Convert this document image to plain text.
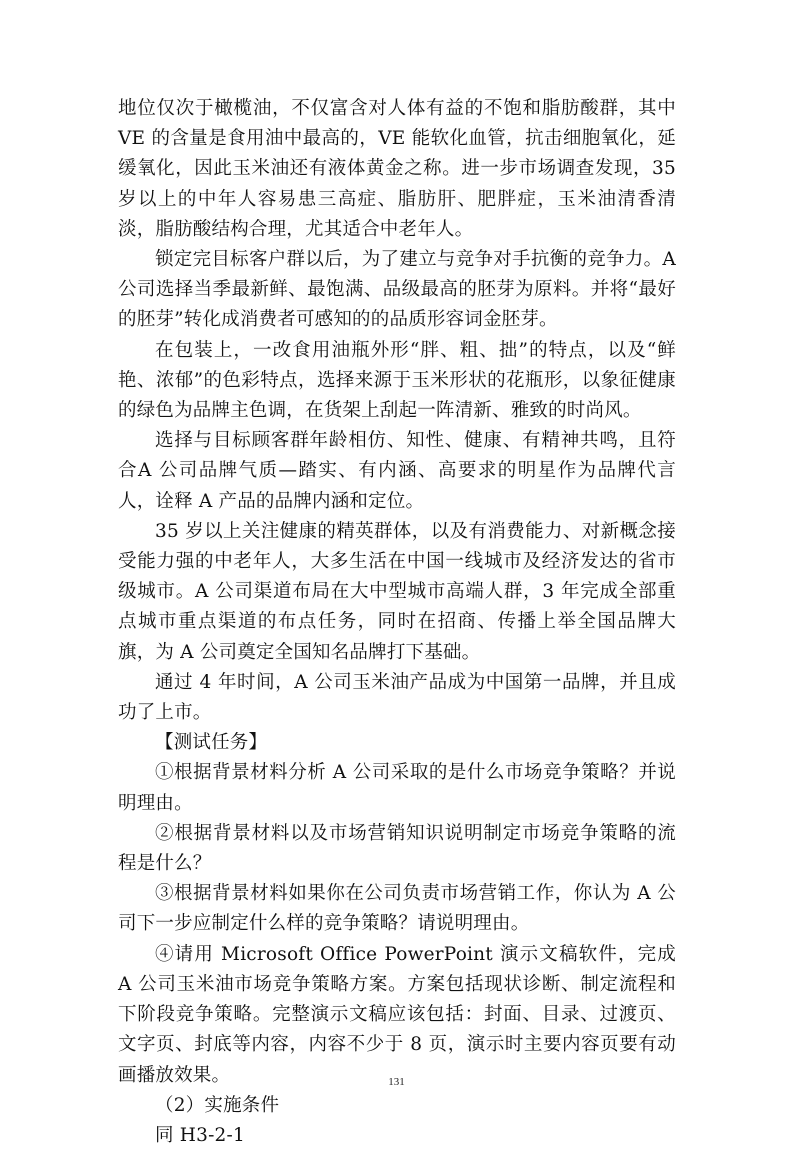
地位仅次于橄榄油，不仅富含对人体有益的不饱和脂肪酸群，其中VE 的含量是食用油中最高的，VE 能软化血管，抗击细胞氧化，延缓氧化，因此玉米油还有液体黄金之称。进一步市场调查发现，35 岁以上的中年人容易患三高症、脂肪肝、肥胖症，玉米油清香清淡，脂肪酸结构合理，尤其适合中老年人。

锁定完目标客户群以后，为了建立与竞争对手抗衡的竞争力。A 公司选择当季最新鲜、最饱满、品级最高的胚芽为原料。并将“最好的胚芽”转化成消费者可感知的的品质形容词金胚芽。

在包装上，一改食用油瓶外形“胖、粗、拙”的特点，以及“鲜艳、浓郁”的色彩特点，选择来源于玉米形状的花瓶形，以象征健康的绿色为品牌主色调，在货架上刮起一阵清新、雅致的时尚风。

选择与目标顾客群年龄相仿、知性、健康、有精神共鸣，且符合A 公司品牌气质—踏实、有内涵、高要求的明星作为品牌代言人，诠释 A 产品的品牌内涵和定位。

35 岁以上关注健康的精英群体，以及有消费能力、对新概念接受能力强的中老年人，大多生活在中国一线城市及经济发达的省市级城市。A 公司渠道布局在大中型城市高端人群，3 年完成全部重点城市重点渠道的布点任务，同时在招商、传播上举全国品牌大旗，为 A 公司奠定全国知名品牌打下基础。

通过 4 年时间，A 公司玉米油产品成为中国第一品牌，并且成功了上市。

【测试任务】

①根据背景材料分析 A 公司采取的是什么市场竞争策略？并说明理由。

②根据背景材料以及市场营销知识说明制定市场竞争策略的流程是什么？

③根据背景材料如果你在公司负责市场营销工作，你认为 A 公司下一步应制定什么样的竞争策略？请说明理由。

④请用 Microsoft Office PowerPoint 演示文稿软件，完成 A 公司玉米油市场竞争策略方案。方案包括现状诊断、制定流程和下阶段竞争策略。完整演示文稿应该包括：封面、目录、过渡页、文字页、封底等内容，内容不少于 8 页，演示时主要内容页要有动画播放效果。

（2）实施条件

同 H3-2-1

131
